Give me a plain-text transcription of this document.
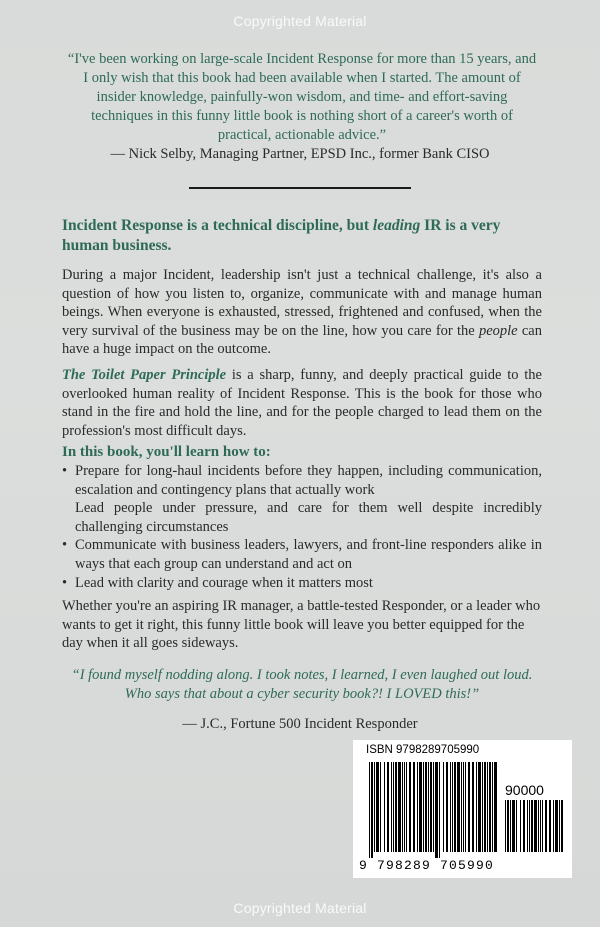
Copyrighted Material
“I've been working on large-scale Incident Response for more than 15 years, and I only wish that this book had been available when I started. The amount of insider knowledge, painfully-won wisdom, and time- and effort-saving techniques in this funny little book is nothing short of a career's worth of practical, actionable advice.”
— Nick Selby, Managing Partner, EPSD Inc., former Bank CISO
Incident Response is a technical discipline, but leading IR is a very human business.
During a major Incident, leadership isn't just a technical challenge, it's also a question of how you listen to, organize, communicate with and manage human beings. When everyone is exhausted, stressed, frightened and confused, when the very survival of the business may be on the line, how you care for the people can have a huge impact on the outcome.
The Toilet Paper Principle is a sharp, funny, and deeply practical guide to the overlooked human reality of Incident Response. This is the book for those who stand in the fire and hold the line, and for the people charged to lead them on the profession's most difficult days.
In this book, you'll learn how to:
• Prepare for long-haul incidents before they happen, including communication, escalation and contingency plans that actually work
Lead people under pressure, and care for them well despite incredibly challenging circumstances
• Communicate with business leaders, lawyers, and front-line responders alike in ways that each group can understand and act on
• Lead with clarity and courage when it matters most
Whether you're an aspiring IR manager, a battle-tested Responder, or a leader who wants to get it right, this funny little book will leave you better equipped for the day when it all goes sideways.
“I found myself nodding along. I took notes, I learned, I even laughed out loud. Who says that about a cyber security book?! I LOVED this!”
— J.C., Fortune 500 Incident Responder
ISBN 9798289705990
90000
9 798289 705990
Copyrighted Material
